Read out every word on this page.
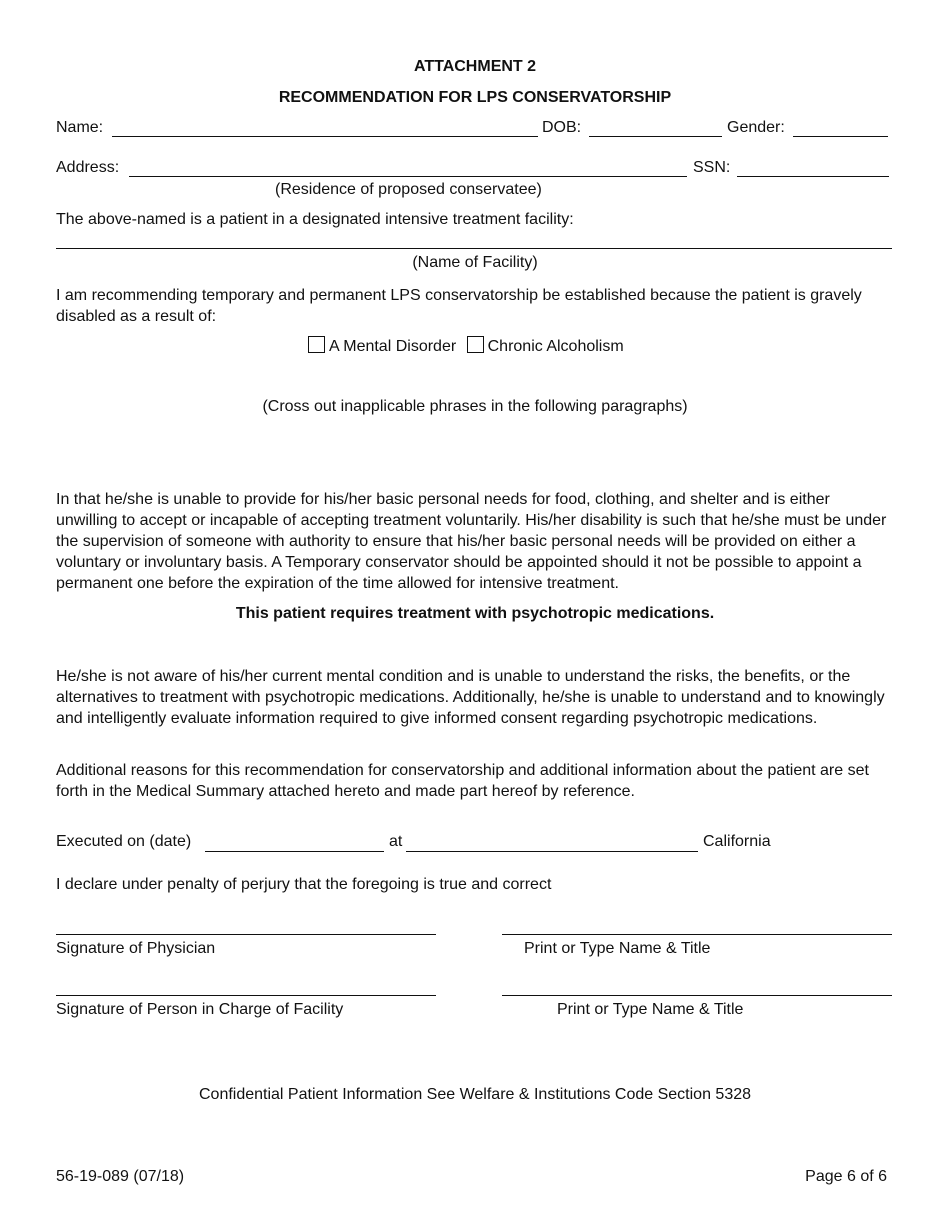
ATTACHMENT 2
RECOMMENDATION FOR LPS CONSERVATORSHIP
Name:	DOB:	Gender:
Address:	SSN:
(Residence of proposed conservatee)
The above-named is a patient in a designated intensive treatment facility:
(Name of Facility)

I am recommending temporary and permanent LPS conservatorship be established because the patient is gravely disabled as a result of:

A Mental Disorder Chronic Alcoholism
(Cross out inapplicable phrases in the following paragraphs)

In that he/she is unable to provide for his/her basic personal needs for food, clothing, and shelter and is either unwilling to accept or incapable of accepting treatment voluntarily. His/her disability is such that he/she must be under the supervision of someone with authority to ensure that his/her basic personal needs will be provided on either a voluntary or involuntary basis. A Temporary conservator should be appointed should it not be possible to appoint a permanent one before the expiration of the time allowed for intensive treatment.

This patient requires treatment with psychotropic medications.

He/she is not aware of his/her current mental condition and is unable to understand the risks, the benefits, or the alternatives to treatment with psychotropic medications. Additionally, he/she is unable to understand and to knowingly and intelligently evaluate information required to give informed consent regarding psychotropic medications.

Additional reasons for this recommendation for conservatorship and additional information about the patient are set forth in the Medical Summary attached hereto and made part hereof by reference.

Executed on (date)	at	California
I declare under penalty of perjury that the foregoing is true and correct
Signature of Physician	Print or Type Name & Title
Signature of Person in Charge of Facility	Print or Type Name & Title
Confidential Patient Information See Welfare & Institutions Code Section 5328
56-19-089 (07/18)	Page 6 of 6
